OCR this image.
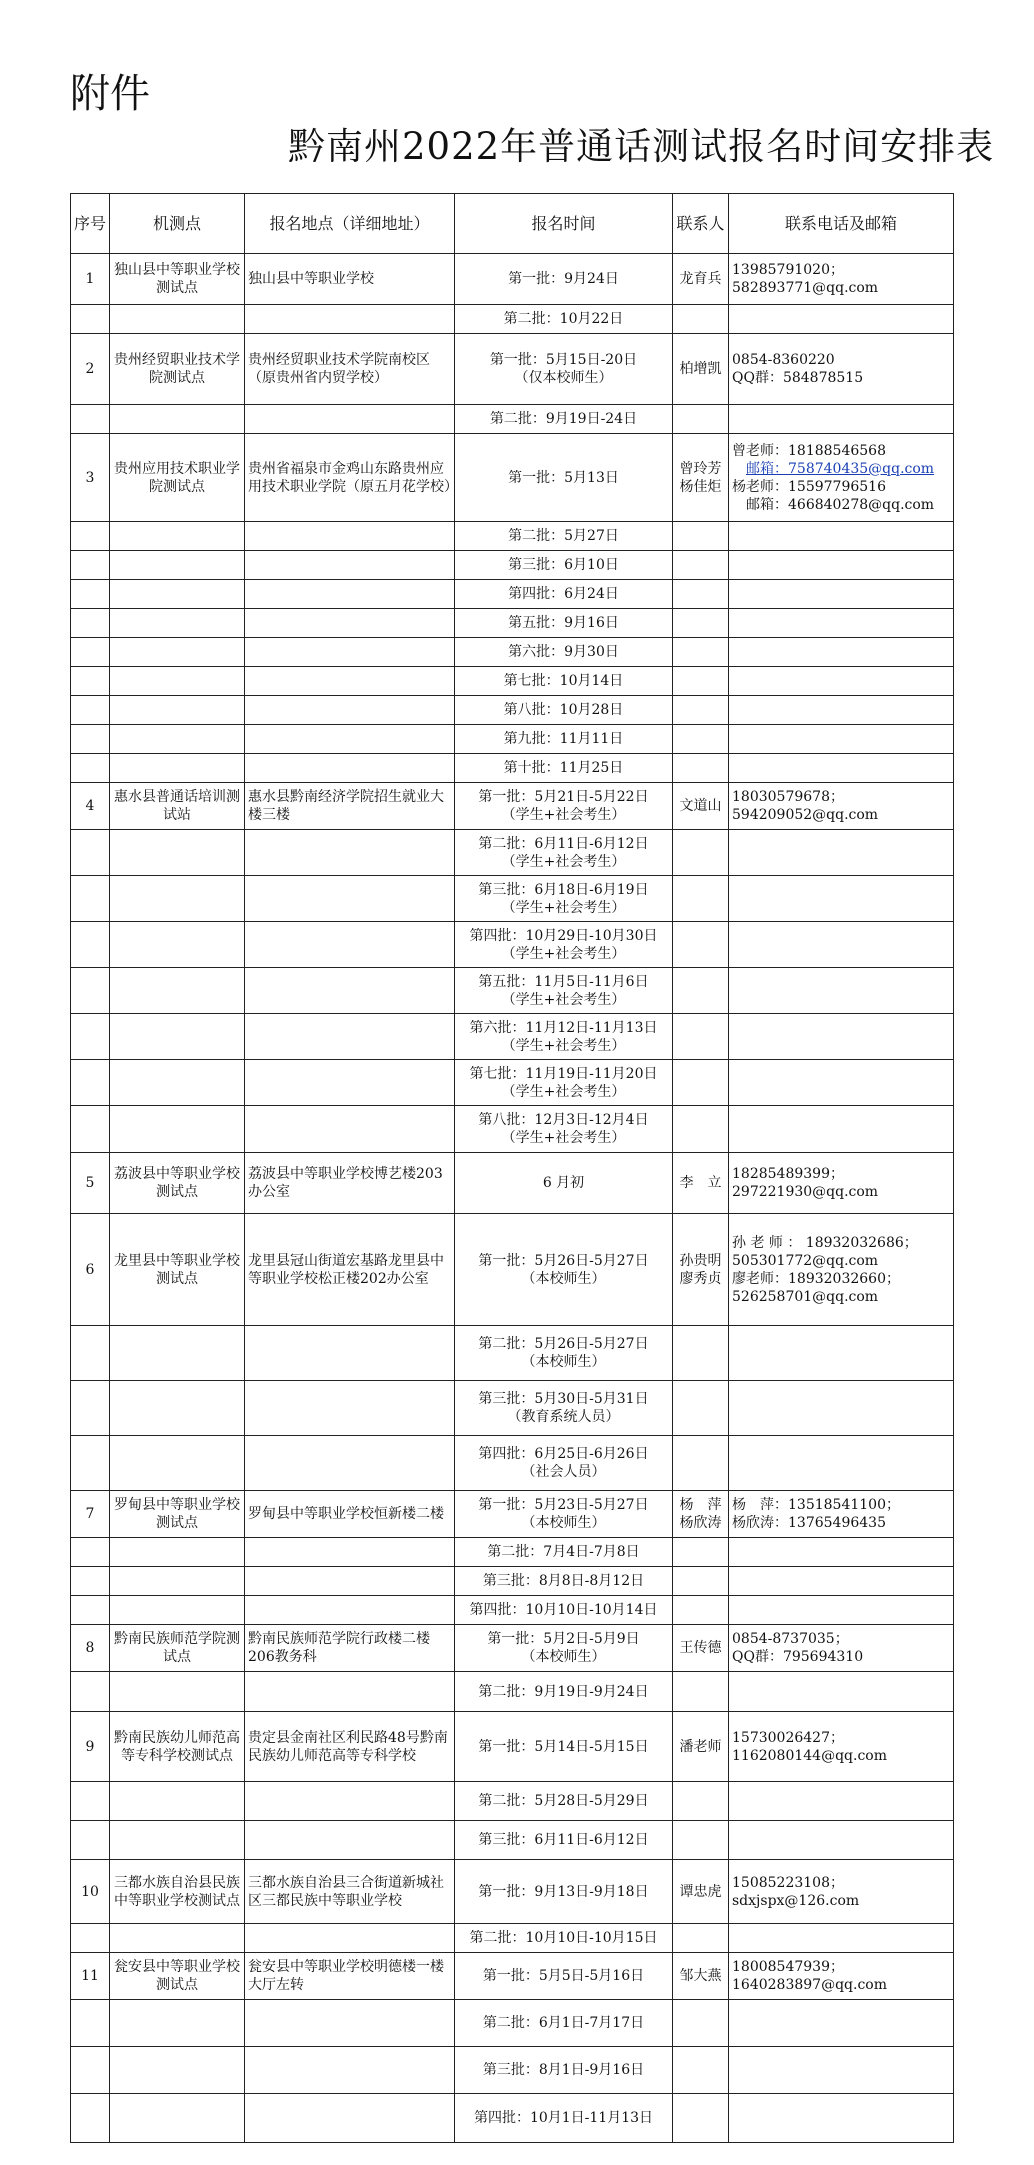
附件
黔南州2022年普通话测试报名时间安排表
序号	机测点	报名地点（详细地址）	报名时间	联系人	联系电话及邮箱
1	独山县中等职业学校测试点	独山县中等职业学校	第一批：9月24日	龙育兵	13985791020；
582893771@qq.com

			第二批：10月22日		

2	贵州经贸职业技术学院测试点	贵州经贸职业技术学院南校区（原贵州省内贸学校）	第一批：5月15日-20日
（仅本校师生）	柏增凯	0854-8360220
QQ群：584878515

			第二批：9月19日-24日		

3	贵州应用技术职业学院测试点	贵州省福泉市金鸡山东路贵州应用技术职业学院（原五月花学校）	第一批：5月13日	曾玲芳 杨佳炬	曾老师：18188546568
　邮箱：758740435@qq.com
杨老师：15597796516
　邮箱：466840278@qq.com

			第二批：5月27日		

			第三批：6月10日		

			第四批：6月24日		

			第五批：9月16日		

			第六批：9月30日		

			第七批：10月14日		

			第八批：10月28日		

			第九批：11月11日		

			第十批：11月25日		

4	惠水县普通话培训测试站	惠水县黔南经济学院招生就业大楼三楼	第一批：5月21日-5月22日
（学生+社会考生）	文道山	18030579678；
594209052@qq.com

			第二批：6月11日-6月12日
（学生+社会考生）		

			第三批：6月18日-6月19日
（学生+社会考生）		

			第四批：10月29日-10月30日
（学生+社会考生）		

			第五批：11月5日-11月6日
（学生+社会考生）		

			第六批：11月12日-11月13日
（学生+社会考生）		

			第七批：11月19日-11月20日
（学生+社会考生）		

			第八批：12月3日-12月4日
（学生+社会考生）		

5	荔波县中等职业学校测试点	荔波县中等职业学校博艺楼203办公室	6 月初	李　立	18285489399；
297221930@qq.com

6	龙里县中等职业学校测试点	龙里县冠山街道宏基路龙里县中等职业学校松正楼202办公室	第一批：5月26日-5月27日
（本校师生）	孙贵明 廖秀贞	孙 老 师 ： 18932032686；
505301772@qq.com
廖老师：18932032660；
526258701@qq.com

			第二批：5月26日-5月27日
（本校师生）		

			第三批：5月30日-5月31日
（教育系统人员）		

			第四批：6月25日-6月26日
（社会人员）		

7	罗甸县中等职业学校测试点	罗甸县中等职业学校恒新楼二楼	第一批：5月23日-5月27日
（本校师生）	杨　萍 杨欣涛	杨　萍：13518541100；
杨欣涛：13765496435

			第二批：7月4日-7月8日		

			第三批：8月8日-8月12日		

			第四批：10月10日-10月14日		

8	黔南民族师范学院测试点	黔南民族师范学院行政楼二楼206教务科	第一批：5月2日-5月9日
（本校师生）	王传德	0854-8737035；
QQ群：795694310

			第二批：9月19日-9月24日		

9	黔南民族幼儿师范高等专科学校测试点	贵定县金南社区利民路48号黔南民族幼儿师范高等专科学校	第一批：5月14日-5月15日	潘老师	15730026427；
1162080144@qq.com

			第二批：5月28日-5月29日		

			第三批：6月11日-6月12日		

10	三都水族自治县民族中等职业学校测试点	三都水族自治县三合街道新城社区三都民族中等职业学校	第一批：9月13日-9月18日	谭忠虎	15085223108；
sdxjspx@126.com

			第二批：10月10日-10月15日		

11	瓮安县中等职业学校测试点	瓮安县中等职业学校明德楼一楼大厅左转	第一批：5月5日-5月16日	邹大燕	18008547939；
1640283897@qq.com

			第二批：6月1日-7月17日		

			第三批：8月1日-9月16日		

			第四批：10月1日-11月13日		
